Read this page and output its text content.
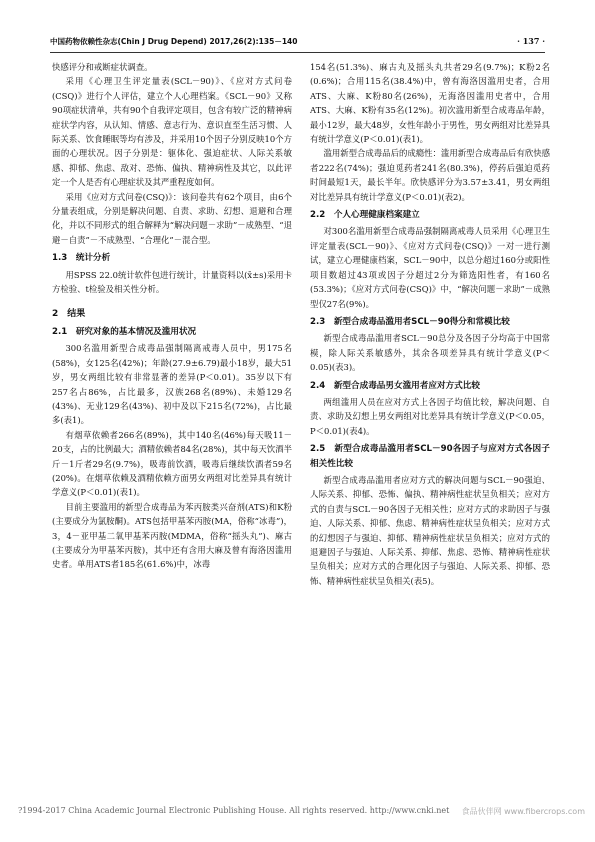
中国药物依赖性杂志(Chin J Drug Depend) 2017,26(2):135－140	· 137 ·

快感评分和戒断症状调查。

采用《心理卫生评定量表(SCL－90)》、《应对方式问卷(CSQ)》进行个人评估，建立个人心理档案。《SCL－90》又称90项症状清单，共有90个自我评定项目，包含有较广泛的精神病症状学内容，从认知、情感、意志行为、意识直至生活习惯、人际关系、饮食睡眠等均有涉及，并采用10个因子分别反映10个方面的心理状况。因子分别是：躯体化、强迫症状、人际关系敏感、抑郁、焦虑、敌对、恐怖、偏执、精神病性及其它，以此评定一个人是否有心理症状及其严重程度如何。

采用《应对方式问卷(CSQ)》：该问卷共有62个项目，由6个分量表组成，分别是解决问题、自责、求助、幻想、退避和合理化，并以不同形式的组合解释为“解决问题－求助”－成熟型、“退避－自责”－不成熟型、“合理化”－混合型。

1.3　统计分析

用SPSS 22.0统计软件包进行统计，计量资料以(x̄±s)采用卡方检验、t检验及相关性分析。

2　结果
2.1　研究对象的基本情况及滥用状况

300名滥用新型合成毒品强制隔离戒毒人员中，男175名(58%)，女125名(42%)；年龄(27.9±6.79)最小18岁，最大51岁，男女两组比较有非常显著的差异(P＜0.01)。35岁以下有257名占86%，占比最多，汉族268名(89%)、未婚129名(43%)、无业129名(43%)、初中及以下215名(72%)，占比最多(表1)。

有烟草依赖者266名(89%)，其中140名(46%)每天吸11－20支，占的比例最大；酒精依赖者84名(28%)，其中每天饮酒半斤－1斤者29名(9.7%)，吸毒前饮酒，吸毒后继续饮酒者59名(20%)。在烟草依赖及酒精依赖方面男女两组对比差异具有统计学意义(P＜0.01)(表1)。

目前主要滥用的新型合成毒品为苯丙胺类兴奋剂(ATS)和K粉(主要成分为氯胺酮)。ATS包括甲基苯丙胺(MA，俗称“冰毒”)，3，4－亚甲基二氧甲基苯丙胺(MDMA，俗称“摇头丸”)、麻古(主要成分为甲基苯丙胺)，其中还有含用大麻及曾有海洛因滥用史者。单用ATS者185名(61.6%)中，冰毒

154名(51.3%)、麻古丸及摇头丸共者29名(9.7%)；K粉2名(0.6%)；合用115名(38.4%)中，曾有海洛因滥用史者，合用ATS、大麻、K粉80名(26%)，无海洛因滥用史者中，合用ATS、大麻、K粉有35名(12%)。初次滥用新型合成毒品年龄，最小12岁，最大48岁，女性年龄小于男性，男女两组对比差异具有统计学意义(P＜0.01)(表1)。

滥用新型合成毒品后的成瘾性：滥用新型合成毒品后有欣快感者222名(74%)；强迫觅药者241名(80.3%)，停药后强迫觅药时间最短1天，最长半年。欣快感评分为3.57±3.41，男女两组对比差异具有统计学意义(P＜0.01)(表2)。

2.2　个人心理健康档案建立

对300名滥用新型合成毒品强制隔离戒毒人员采用《心理卫生评定量表(SCL－90)》、《应对方式问卷(CSQ)》一对一进行测试，建立心理健康档案，SCL－90中，以总分超过160分或阳性项目数超过43项或因子分超过2分为筛选阳性者，有160名(53.3%)；《应对方式问卷(CSQ)》中，“解决问题－求助”－成熟型仅27名(9%)。

2.3　新型合成毒品滥用者SCL－90得分和常模比较

新型合成毒品滥用者SCL－90总分及各因子分均高于中国常模，除人际关系敏感外，其余各项差异具有统计学意义(P＜0.05)(表3)。

2.4　新型合成毒品男女滥用者应对方式比较

两组滥用人员在应对方式上各因子均值比较，解决问题、自责、求助及幻想上男女两组对比差异具有统计学意义(P＜0.05，P＜0.01)(表4)。

2.5　新型合成毒品滥用者SCL－90各因子与应对方式各因子相关性比较

新型合成毒品滥用者应对方式的解决问题与SCL－90强迫、人际关系、抑郁、恐怖、偏执、精神病性症状呈负相关；应对方式的自责与SCL－90各因子无相关性；应对方式的求助因子与强迫、人际关系、抑郁、焦虑、精神病性症状呈负相关；应对方式的幻想因子与强迫、抑郁、精神病性症状呈负相关；应对方式的退避因子与强迫、人际关系、抑郁、焦虑、恐怖、精神病性症状呈负相关；应对方式的合理化因子与强迫、人际关系、抑郁、恐怖、精神病性症状呈负相关(表5)。

?1994-2017 China Academic Journal Electronic Publishing House. All rights reserved. http://www.cnki.net 食品伙伴网 www.fibercrops.com
